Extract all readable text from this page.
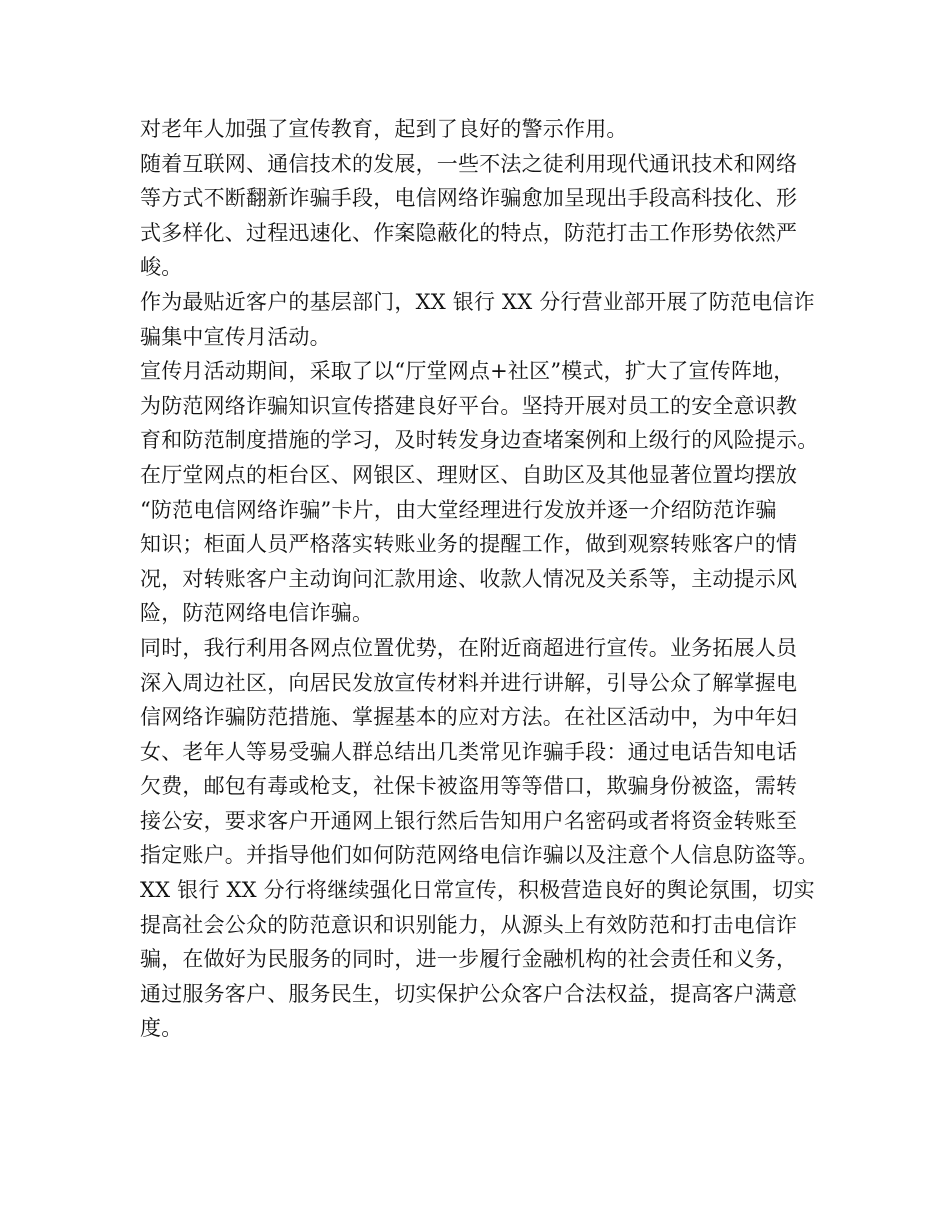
对老年人加强了宣传教育，起到了良好的警示作用。
随着互联网、通信技术的发展，一些不法之徒利用现代通讯技术和网络
等方式不断翻新诈骗手段，电信网络诈骗愈加呈现出手段高科技化、形
式多样化、过程迅速化、作案隐蔽化的特点，防范打击工作形势依然严
峻。
作为最贴近客户的基层部门，XX 银行 XX 分行营业部开展了防范电信诈
骗集中宣传月活动。
宣传月活动期间，采取了以“厅堂网点+社区”模式，扩大了宣传阵地，
为防范网络诈骗知识宣传搭建良好平台。坚持开展对员工的安全意识教
育和防范制度措施的学习，及时转发身边查堵案例和上级行的风险提示。
在厅堂网点的柜台区、网银区、理财区、自助区及其他显著位置均摆放
“防范电信网络诈骗”卡片，由大堂经理进行发放并逐一介绍防范诈骗
知识；柜面人员严格落实转账业务的提醒工作，做到观察转账客户的情
况，对转账客户主动询问汇款用途、收款人情况及关系等，主动提示风
险，防范网络电信诈骗。
同时，我行利用各网点位置优势，在附近商超进行宣传。业务拓展人员
深入周边社区，向居民发放宣传材料并进行讲解，引导公众了解掌握电
信网络诈骗防范措施、掌握基本的应对方法。在社区活动中，为中年妇
女、老年人等易受骗人群总结出几类常见诈骗手段：通过电话告知电话
欠费，邮包有毒或枪支，社保卡被盗用等等借口，欺骗身份被盗，需转
接公安，要求客户开通网上银行然后告知用户名密码或者将资金转账至
指定账户。并指导他们如何防范网络电信诈骗以及注意个人信息防盗等。
XX 银行 XX 分行将继续强化日常宣传，积极营造良好的舆论氛围，切实
提高社会公众的防范意识和识别能力，从源头上有效防范和打击电信诈
骗，在做好为民服务的同时，进一步履行金融机构的社会责任和义务，
通过服务客户、服务民生，切实保护公众客户合法权益，提高客户满意
度。
